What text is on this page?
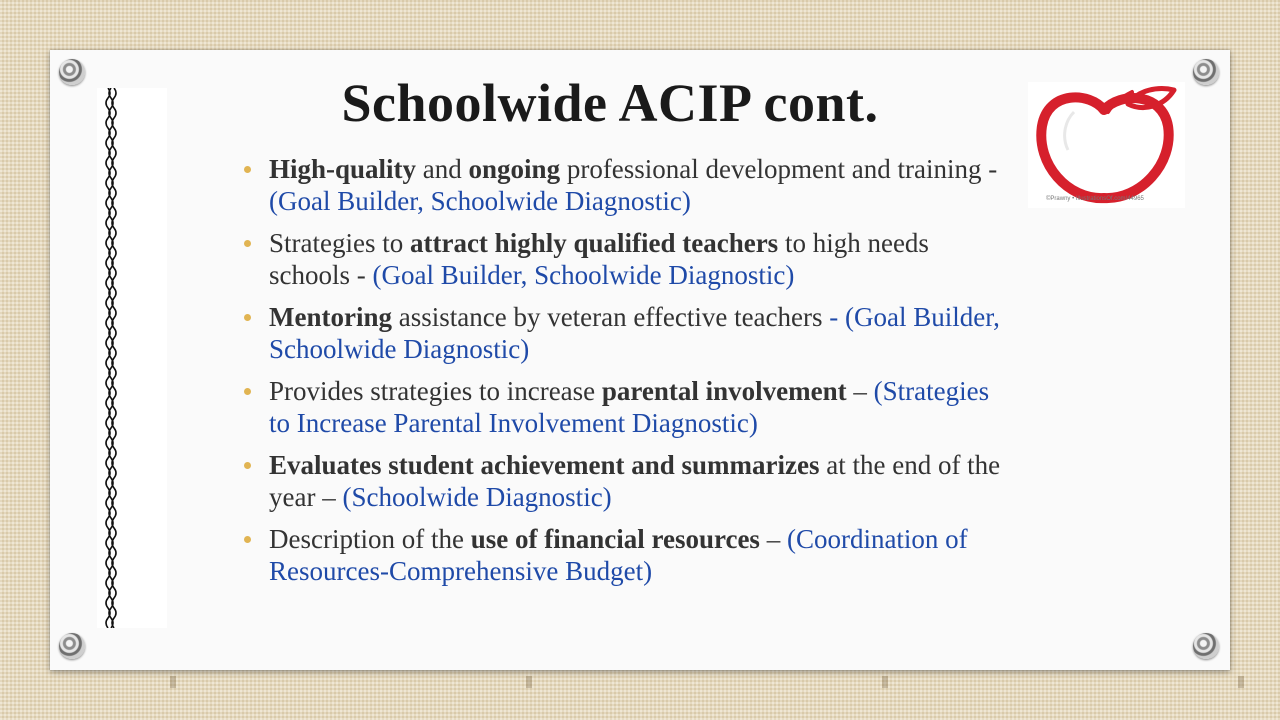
Schoolwide ACIP cont.
High-quality and ongoing professional development and training - (Goal Builder, Schoolwide Diagnostic)
Strategies to attract highly qualified teachers to high needs schools - (Goal Builder, Schoolwide Diagnostic)
Mentoring assistance by veteran effective teachers - (Goal Builder, Schoolwide Diagnostic)
Provides strategies to increase parental involvement – (Strategies to Increase Parental Involvement Diagnostic)
Evaluates student achievement and summarizes at the end of the year – (Schoolwide Diagnostic)
Description of the use of financial resources – (Coordination of Resources-Comprehensive Budget)
©Prawny • IllustrationsOf.com/44965
